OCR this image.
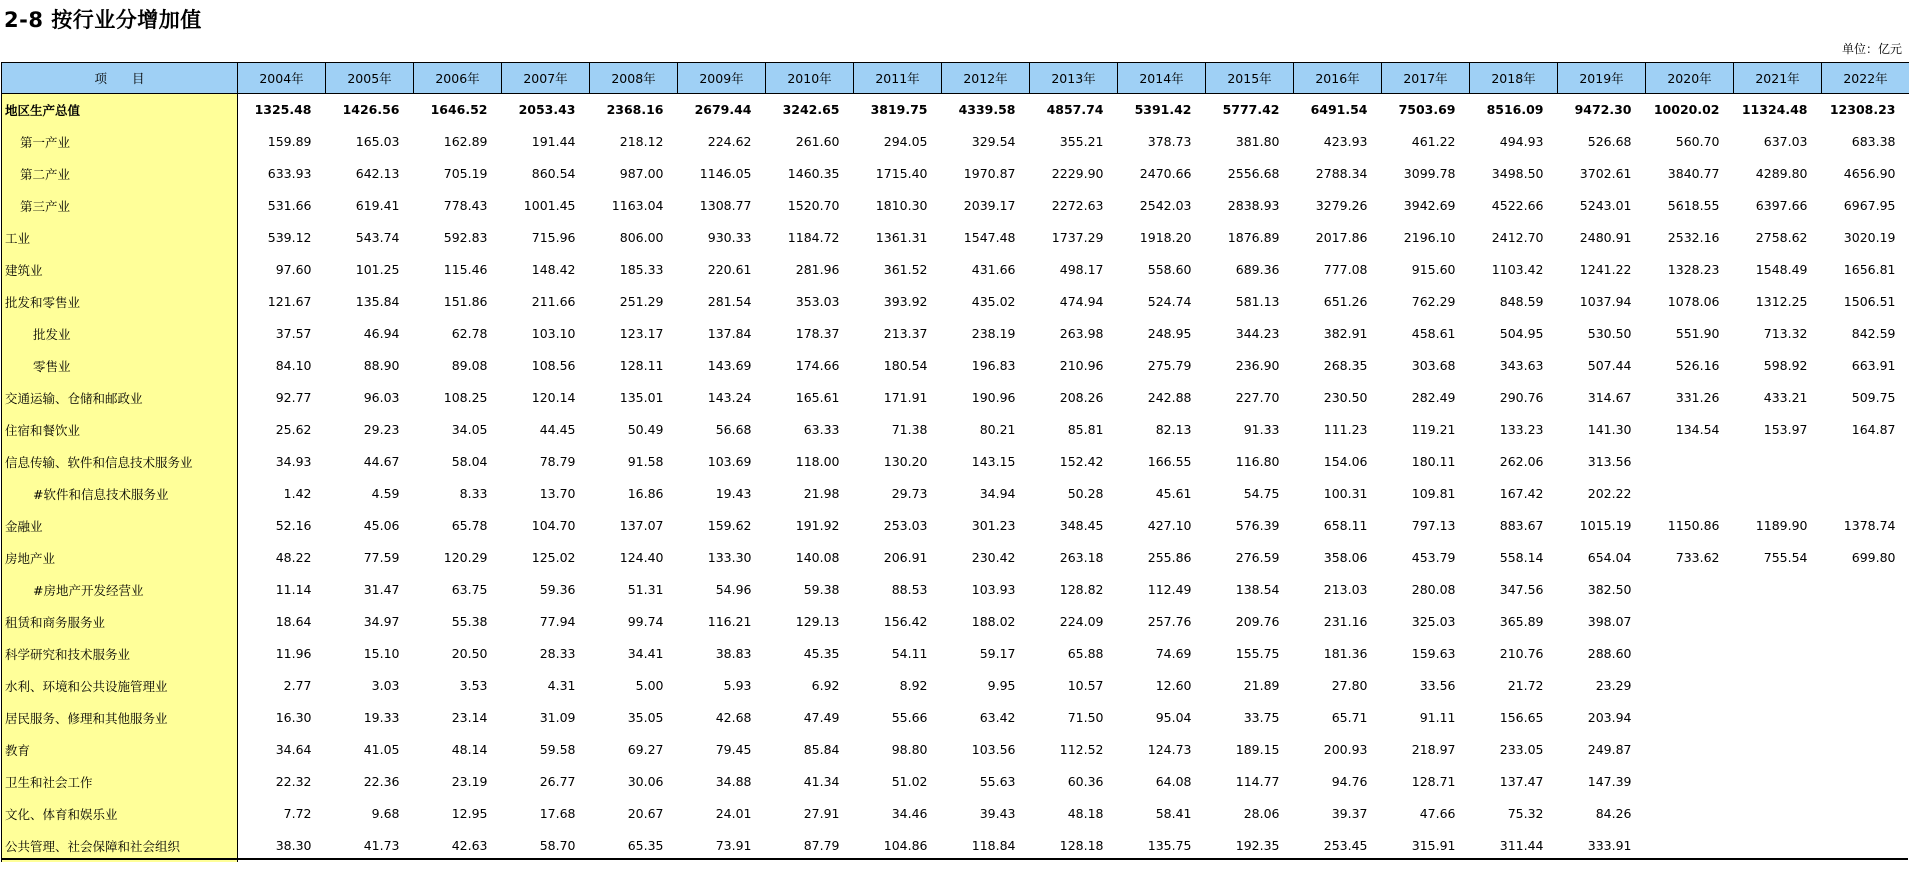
2-8 按行业分增加值
单位：亿元
项　　目	2004年	2005年	2006年	2007年	2008年	2009年	2010年	2011年	2012年	2013年	2014年	2015年	2016年	2017年	2018年	2019年	2020年	2021年	2022年
地区生产总值	1325.48	1426.56	1646.52	2053.43	2368.16	2679.44	3242.65	3819.75	4339.58	4857.74	5391.42	5777.42	6491.54	7503.69	8516.09	9472.30	10020.02	11324.48	12308.23
第一产业	159.89	165.03	162.89	191.44	218.12	224.62	261.60	294.05	329.54	355.21	378.73	381.80	423.93	461.22	494.93	526.68	560.70	637.03	683.38
第二产业	633.93	642.13	705.19	860.54	987.00	1146.05	1460.35	1715.40	1970.87	2229.90	2470.66	2556.68	2788.34	3099.78	3498.50	3702.61	3840.77	4289.80	4656.90
第三产业	531.66	619.41	778.43	1001.45	1163.04	1308.77	1520.70	1810.30	2039.17	2272.63	2542.03	2838.93	3279.26	3942.69	4522.66	5243.01	5618.55	6397.66	6967.95
工业	539.12	543.74	592.83	715.96	806.00	930.33	1184.72	1361.31	1547.48	1737.29	1918.20	1876.89	2017.86	2196.10	2412.70	2480.91	2532.16	2758.62	3020.19
建筑业	97.60	101.25	115.46	148.42	185.33	220.61	281.96	361.52	431.66	498.17	558.60	689.36	777.08	915.60	1103.42	1241.22	1328.23	1548.49	1656.81
批发和零售业	121.67	135.84	151.86	211.66	251.29	281.54	353.03	393.92	435.02	474.94	524.74	581.13	651.26	762.29	848.59	1037.94	1078.06	1312.25	1506.51
批发业	37.57	46.94	62.78	103.10	123.17	137.84	178.37	213.37	238.19	263.98	248.95	344.23	382.91	458.61	504.95	530.50	551.90	713.32	842.59
零售业	84.10	88.90	89.08	108.56	128.11	143.69	174.66	180.54	196.83	210.96	275.79	236.90	268.35	303.68	343.63	507.44	526.16	598.92	663.91
交通运输、仓储和邮政业	92.77	96.03	108.25	120.14	135.01	143.24	165.61	171.91	190.96	208.26	242.88	227.70	230.50	282.49	290.76	314.67	331.26	433.21	509.75
住宿和餐饮业	25.62	29.23	34.05	44.45	50.49	56.68	63.33	71.38	80.21	85.81	82.13	91.33	111.23	119.21	133.23	141.30	134.54	153.97	164.87
信息传输、软件和信息技术服务业	34.93	44.67	58.04	78.79	91.58	103.69	118.00	130.20	143.15	152.42	166.55	116.80	154.06	180.11	262.06	313.56			
#软件和信息技术服务业	1.42	4.59	8.33	13.70	16.86	19.43	21.98	29.73	34.94	50.28	45.61	54.75	100.31	109.81	167.42	202.22			
金融业	52.16	45.06	65.78	104.70	137.07	159.62	191.92	253.03	301.23	348.45	427.10	576.39	658.11	797.13	883.67	1015.19	1150.86	1189.90	1378.74
房地产业	48.22	77.59	120.29	125.02	124.40	133.30	140.08	206.91	230.42	263.18	255.86	276.59	358.06	453.79	558.14	654.04	733.62	755.54	699.80
#房地产开发经营业	11.14	31.47	63.75	59.36	51.31	54.96	59.38	88.53	103.93	128.82	112.49	138.54	213.03	280.08	347.56	382.50			
租赁和商务服务业	18.64	34.97	55.38	77.94	99.74	116.21	129.13	156.42	188.02	224.09	257.76	209.76	231.16	325.03	365.89	398.07			
科学研究和技术服务业	11.96	15.10	20.50	28.33	34.41	38.83	45.35	54.11	59.17	65.88	74.69	155.75	181.36	159.63	210.76	288.60			
水利、环境和公共设施管理业	2.77	3.03	3.53	4.31	5.00	5.93	6.92	8.92	9.95	10.57	12.60	21.89	27.80	33.56	21.72	23.29			
居民服务、修理和其他服务业	16.30	19.33	23.14	31.09	35.05	42.68	47.49	55.66	63.42	71.50	95.04	33.75	65.71	91.11	156.65	203.94			
教育	34.64	41.05	48.14	59.58	69.27	79.45	85.84	98.80	103.56	112.52	124.73	189.15	200.93	218.97	233.05	249.87			
卫生和社会工作	22.32	22.36	23.19	26.77	30.06	34.88	41.34	51.02	55.63	60.36	64.08	114.77	94.76	128.71	137.47	147.39			
文化、体育和娱乐业	7.72	9.68	12.95	17.68	20.67	24.01	27.91	34.46	39.43	48.18	58.41	28.06	39.37	47.66	75.32	84.26			
公共管理、社会保障和社会组织	38.30	41.73	42.63	58.70	65.35	73.91	87.79	104.86	118.84	128.18	135.75	192.35	253.45	315.91	311.44	333.91			
